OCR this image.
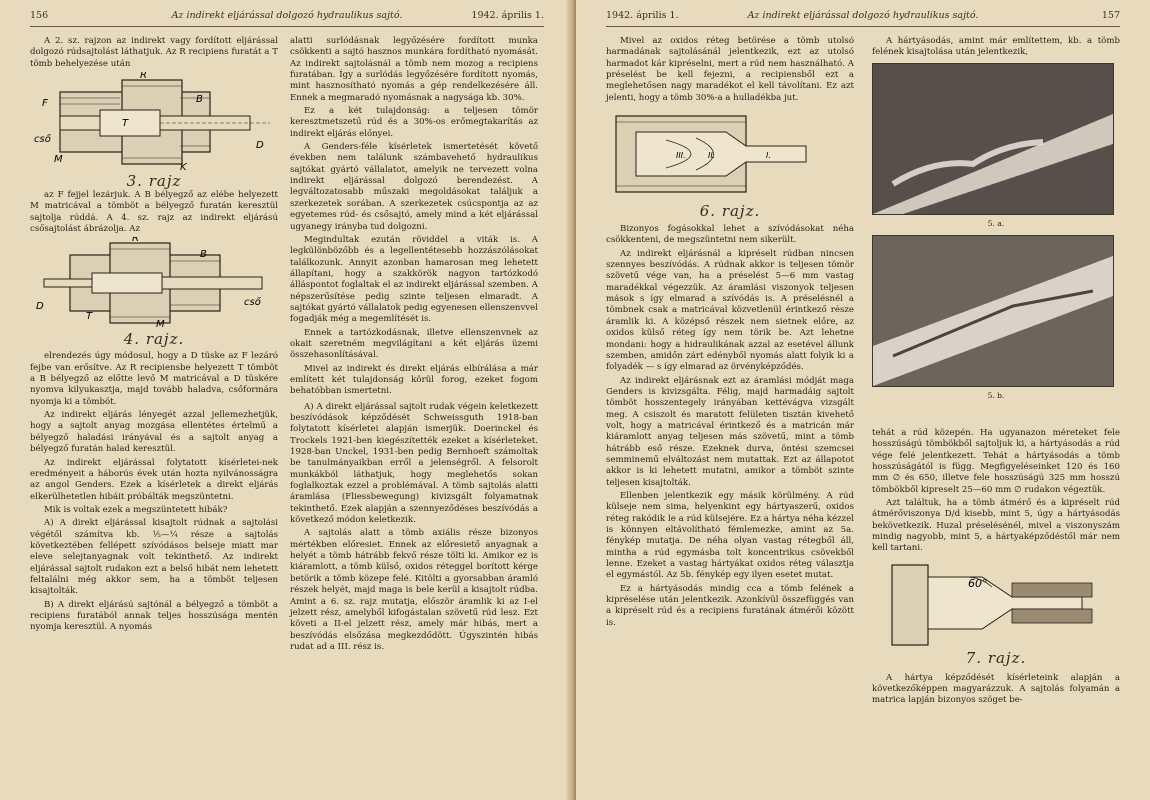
156	Az indirekt eljárással dolgozó hydraulikus sajtó.	1942. április 1.

A 2. sz. rajzon az indirekt vagy fordított eljárással dolgozó rúdsajtolást láthatjuk. Az R recipiens furatát a T tömb behelyezése után

R
F
T
B
cső
M
K
D
3. rajz

az F fejjel lezárjuk. A B bélyegző az elébe helyezett M matricával a tömböt a bélyegző furatán keresztül sajtolja rúddá. A 4. sz. rajz az indirekt eljárású csősajtolást ábrázolja. Az

R
B
D
T
M
cső
4. rajz.

elrendezés úgy módosul, hogy a D tüske az F lezáró fejbe van erősítve. Az R recipiensbe helyezett T tömböt a B bélyegző az előtte levő M matricával a D tüskére nyomva kilyukasztja, majd tovább haladva, csőformára nyomja ki a tömböt.

Az indirekt eljárás lényegét azzal jellemezhetjük, hogy a sajtolt anyag mozgása ellentétes értelmű a bélyegző haladási irányával és a sajtolt anyag a bélyegző furatán halad keresztül.

Az indirekt eljárással folytatott kísérletei-nek eredményeit a háborús évek után hozta nyilvánosságra az angol Genders. Ezek a kísérletek a direkt eljárás elkerülhetetlen hibáit próbálták megszüntetni.

Mik is voltak ezek a megszüntetett hibák?

A) A direkt eljárással kisajtolt rúdnak a sajtolási végétől számítva kb. ⅕—¼ része a sajtolás következtében fellépett szívódásos belseje miatt mar eleve selejtanyagnak volt tekinthető. Az indirekt eljárással sajtolt rudakon ezt a belső hibát nem lehetett feltalálni még akkor sem, ha a tömböt teljesen kisajtolták.

B) A direkt eljárású sajtónál a bélyegző a tömböt a recipiens furatából annak teljes hosszúsága mentén nyomja keresztül. A nyomás

alatti surlódásnak legyőzésére fordított munka csökkenti a sajtó hasznos munkára fordítható nyomását. Az indirekt sajtolásnál a tömb nem mozog a recipiens furatában. Így a surlódás legyőzésére fordított nyomás, mint hasznosítható nyomás a gép rendelkezésére áll. Ennek a megmaradó nyomásnak a nagysága kb. 30%.

Ez a két tulajdonság: a teljesen tömör keresztmetszetű rúd és a 30%-os erőmegtakarítás az indirekt eljárás előnyei.

A Genders-féle kísérletek ismertetését követő években nem találunk számbavehető hydraulikus sajtókat gyártó vállalatot, amelyik ne tervezett volna indirekt eljárással dolgozó berendezést. A legváltozatosabb műszaki megoldásokat találjuk a szerkezetek sorában. A szerkezetek csúcspontja az az egyetemes rúd- és csősajtó, amely mind a két eljárással ugyanegy irányba tud dolgozni.

Megindultak ezután röviddel a viták is. A legkülönbözőbb és a legellentétesebb hozzászólásokat találkozunk. Annyit azonban hamarosan meg lehetett állapítani, hogy a szakkörök nagyon tartózkodó álláspontot foglaltak el az indirekt eljárással szemben. A népszerűsítése pedig szinte teljesen elmaradt. A sajtókat gyártó vállalatok pedig egyenesen ellenszenvvel fogadják még a megemlítését is.

Ennek a tartózkodásnak, illetve ellenszenvnek az okait szeretném megvilágítani a két eljárás üzemi összehasonlításával.

Mivel az indirekt és direkt eljárás elbírálása a már említett két tulajdonság körül forog, ezeket fogom behatóbban ismertetni.

A) A direkt eljárással sajtolt rudak végein keletkezett beszívódások képződését Schweissguth 1918-ban folytatott kísérletei alapján ismerjük. Doerinckel és Trockels 1921-ben kiegészítették ezeket a kísérleteket. 1928-ban Unckel, 1931-ben pedig Bernhoeft számoltak be tanulmányaikban erről a jelenségről. A felsorolt munkákból láthatjuk, hogy meglehetős sokan foglalkoztak ezzel a problémával. A tömb sajtolás alatti áramlása (Fliessbewegung) kivizsgált folyamatnak tekinthető. Ezek alapján a szennyeződéses beszívódás a következő módon keletkezik.

A sajtolás alatt a tömb axiális része bizonyos mértékben előresiet. Ennek az előresiető anyagnak a helyét a tömb hátrább fekvő része tölti ki. Amikor ez is kiáramlott, a tömb külső, oxidos réteggel borított kérge betörik a tömb közepe felé. Kitölti a gyorsabban áramló részek helyét, majd maga is bele kerül a kisajtolt rúdba. Amint a 6. sz. rajz mutatja, először áramlik ki az I-el jelzett rész, amelyből kifogástalan szövetű rúd lesz. Ezt követi a II-el jelzett rész, amely már hibás, mert a beszívódás elsőzása megkezdődött. Úgyszintén hibás rudat ad a III. rész is.

1942. április 1.	Az indirekt eljárással dolgozó hydraulikus sajtó.	157

Mivel az oxidos réteg betörése a tömb utolsó harmadának sajtolásánál jelentkezik, ezt az utolsó harmadot kár kipréselni, mert a rúd nem használható. A préselést be kell fejezni, a recipiensből ezt a meglehetősen nagy maradékot el kell távolítani. Ez azt jelenti, hogy a tömb 30%-a a hulladékba jut.

I.
II.
III.
6. rajz.

Bizonyos fogásokkal lehet a szívódásokat néha csökkenteni, de megszüntetni nem sikerült.

Az indirekt eljárásnál a kipréselt rúdban nincsen szennyes beszívódás. A rúdnak akkor is teljesen tömör szövetű vége van, ha a préselést 5—6 mm vastag maradékkal végezzük. Az áramlási viszonyok teljesen mások s így elmarad a szívódás is. A préselésnél a tömbnek csak a matricával közvetlenül érintkező része áramlik ki. A középső részek nem sietnek előre, az oxidos külső réteg így nem törik be. Azt lehetne mondani: hogy a hidraulikának azzal az esetével állunk szemben, amidőn zárt edényből nyomás alatt folyik ki a folyadék — s így elmarad az örvényképződés.

Az indirekt eljárásnak ezt az áramlási módját maga Genders is kivizsgálta. Félig, majd harmadáig sajtolt tömböt hosszentegely irányában kettévágva vizsgált meg. A csiszolt és maratott felületen tisztán kivehető volt, hogy a matricával érintkező és a matricán már kiáramlott anyag teljesen más szövetű, mint a tömb hátrább eső része. Ezeknek durva, öntési szemcsei semminemű elváltozást nem mutattak. Ezt az állapotot akkor is ki lehetett mutatni, amikor a tömböt szinte teljesen kisajtolták.

Ellenben jelentkezik egy másik körülmény. A rúd külseje nem sima, helyenkint egy hártyaszerű, oxidos réteg rakódik le a rúd külsejére. Ez a hártya néha kézzel is könnyen eltávolítható fémlemezke, amint az 5a. fénykép mutatja. De néha olyan vastag rétegből áll, mintha a rúd egymásba tolt koncentrikus csövekből lenne. Ezeket a vastag hártyákat oxidos réteg választja el egymástól. Az 5b. fénykép egy ilyen esetet mutat.

Ez a hártyásodás mindig cca a tömb felének a kipréselése után jelentkezik. Azonkívül összefüggés van a kipréselt rúd és a recipiens furatának átmérői között is.

A hártyásodás, amint már említettem, kb. a tömb felének kisajtolása után jelentkezik,

5. a.
5. b.

tehát a rúd közepén. Ha ugyanazon méreteket fele hosszúságú tömbökből sajtoljuk ki, a hártyásodás a rúd vége felé jelentkezett. Tehát a hártyásodás a tömb hosszúságától is függ. Megfigyeléseinket 120 és 160 mm ∅ és 650, illetve fele hosszúságú 325 mm hosszú tömbökből kipreselt 25—60 mm ∅ rudakon végeztük.

Azt találtuk, ha a tömb átmérő és a kipréselt rúd átmérőviszonya D/d kisebb, mint 5, úgy a hártyásodás bekövetkezik. Huzal préselésénél, mivel a viszonyszám mindig nagyobb, mint 5, a hártyaképződéstől már nem kell tartani.

60°
7. rajz.

A hártya képződését kísérleteink alapján a következőképpen magyarázzuk. A sajtolás folyamán a matrica lapján bizonyos szöget be-
